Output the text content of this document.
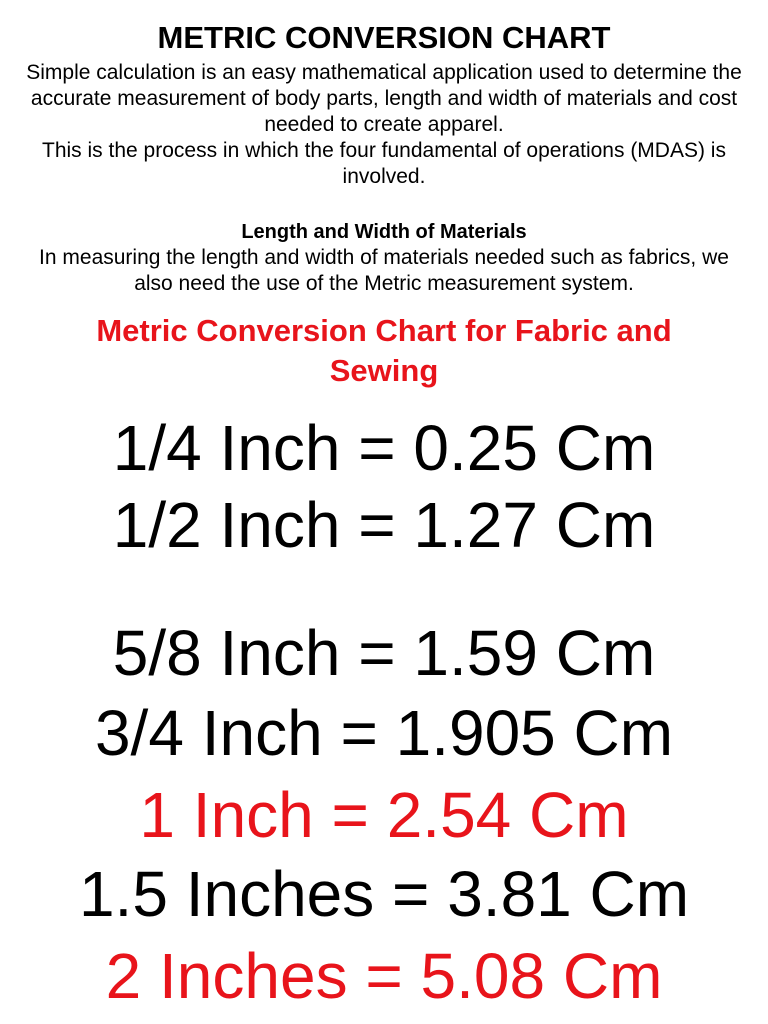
METRIC CONVERSION CHART

Simple calculation is an easy mathematical application used to determine the accurate measurement of body parts, length and width of materials and cost needed to create apparel.

This is the process in which the four fundamental of operations (MDAS) is involved.

Length and Width of Materials

In measuring the length and width of materials needed such as fabrics, we also need the use of the Metric measurement system.

Metric Conversion Chart for Fabric and Sewing

1/4 Inch = 0.25 Cm

1/2 Inch = 1.27 Cm

5/8 Inch = 1.59 Cm

3/4 Inch = 1.905 Cm

1 Inch = 2.54 Cm

1.5 Inches = 3.81 Cm

2 Inches = 5.08 Cm
